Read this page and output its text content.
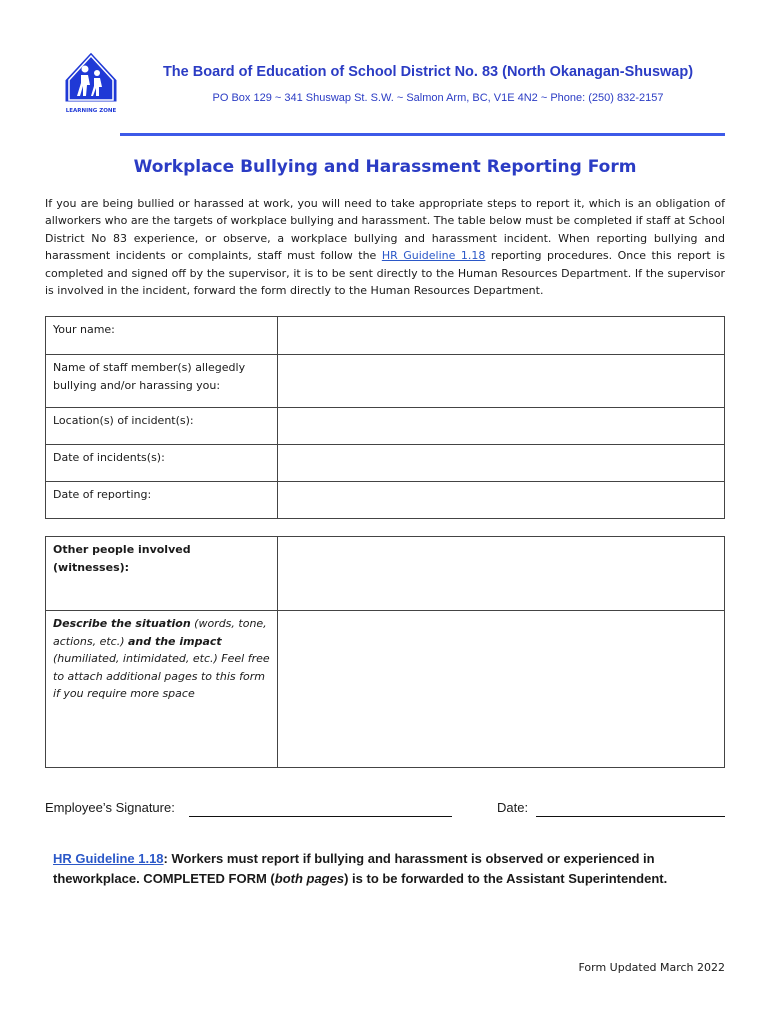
LEARNING ZONE
The Board of Education of School District No. 83 (North Okanagan-Shuswap)
PO Box 129 ~ 341 Shuswap St. S.W. ~ Salmon Arm, BC, V1E 4N2 ~ Phone: (250) 832-2157
Workplace Bullying and Harassment Reporting Form
If you are being bullied or harassed at work, you will need to take appropriate steps to report it, which is an obligation of allworkers who are the targets of workplace bullying and harassment. The table below must be completed if staff at School District No 83 experience, or observe, a workplace bullying and harassment incident. When reporting bullying and harassment incidents or complaints, staff must follow the HR Guideline 1.18 reporting procedures. Once this report is completed and signed off by the supervisor, it is to be sent directly to the Human Resources Department. If the supervisor is involved in the incident, forward the form directly to the Human Resources Department.
Your name:	
Name of staff member(s) allegedly bullying and/or harassing you:	
Location(s) of incident(s):	
Date of incidents(s):	
Date of reporting:	
Other people involved (witnesses):	
Describe the situation (words, tone, actions, etc.) and the impact (humiliated, intimidated, etc.) Feel free to attach additional pages to this form if you require more space	
Employee’s Signature:	Date:
HR Guideline 1.18: Workers must report if bullying and harassment is observed or experienced in theworkplace. COMPLETED FORM (both pages) is to be forwarded to the Assistant Superintendent.
Form Updated March 2022
